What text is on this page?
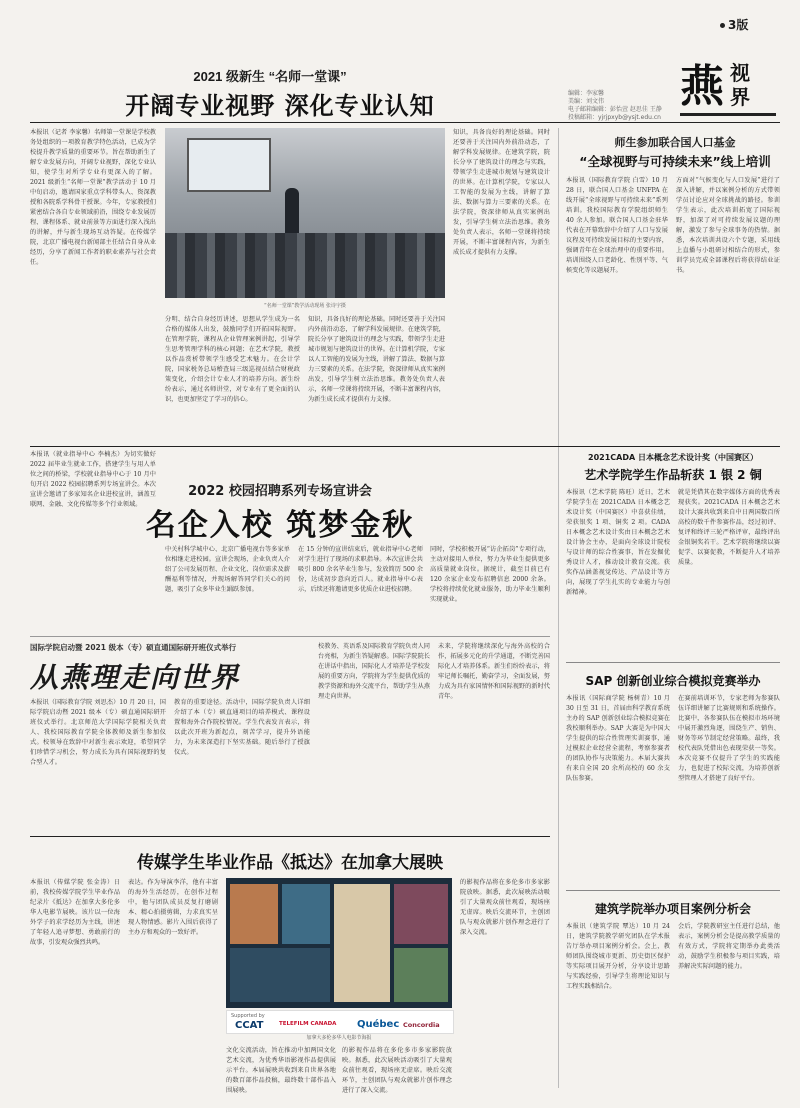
3版
编辑：李家馨
美编：刘文伟
电子邮箱编辑：彭怡萱 赵思佳 王静
投稿邮箱：yjrjpxyb@ysjt.edu.cn
燕 视
界
2021 级新生 “名师一堂课”
开阔专业视野 深化专业认知
本报讯（记者 李家馨）名师第一堂课是学校教务处组织的一项教育教学特色活动，已成为学校提升教学质量的重要环节。旨在帮助新生了解专业发展方向，开阔专业视野，深化专业认知，使学生对所学专业有更深入的了解。2021 级新生“名师一堂课”教学活动于 10 月中旬启动，邀请国家重点学科带头人、资深教授和各院系学科骨干授课。今年，专家教授们紧密结合各自专业领域前沿，围绕专业发展历程、课程体系、就业前景等方面进行深入浅出的讲解，并与新生现场互动答疑。在传媒学院，北京广播电视台新闻部主任结合自身从业经历，分享了新闻工作者的职业素养与社会责任。
“名师一堂课”教学活动现场 张诗宇摄
分明、结合自身经历讲述，思想从学生成为一名合格的媒体人出发，鼓励同学们开拓国际视野。在管理学院，课程从企业管理案例讲起，引导学生思考管理学科的核心问题；在艺术学院，教授以作品赏析带领学生感受艺术魅力。在会计学院，国家税务总局稽查局三级巡视员结合财税政策变化，介绍会计专业人才的培养方向。新生纷纷表示，通过名师讲堂，对专业有了更全面的认识，也更加坚定了学习的信心。
知识，具备良好的理论基础。同时还要善于关注国内外前沿动态，了解学科发展规律。在建筑学院，院长分享了建筑设计的理念与实践，带领学生走进城市规划与建筑设计的世界。在计算机学院，专家以人工智能的发展为主线，讲解了算法、数据与算力三要素的关系。在法学院，资深律师从真实案例出发，引导学生树立法治思维。教务处负责人表示，名师一堂课将持续开展，不断丰富课程内容，为新生成长成才提供有力支撑。
知识，具备良好的理论基础。同时还要善于关注国内外前沿动态，了解学科发展规律。在建筑学院，院长分享了建筑设计的理念与实践，带领学生走进城市规划与建筑设计的世界。在计算机学院，专家以人工智能的发展为主线，讲解了算法、数据与算力三要素的关系。在法学院，资深律师从真实案例出发，引导学生树立法治思维。教务处负责人表示，名师一堂课将持续开展，不断丰富课程内容，为新生成长成才提供有力支撑。
师生参加联合国人口基金
“全球视野与可持续未来”线上培训
本报讯（国际教育学院 白雪）10 月 28 日，联合国人口基金 UNFPA 在线开展“全球视野与可持续未来”系列培训。我校国际教育学院组织师生 40 余人参加。联合国人口基金驻华代表在开幕致辞中介绍了人口与发展议程及可持续发展目标的主要内容，强调青年在全球治理中的重要作用。培训围绕人口老龄化、性别平等、气候变化等议题展开。
方面对“气候变化与人口发展”进行了深入讲解，并以案例分析的方式带领学员讨论应对全球挑战的路径。参训学生表示，此次培训拓宽了国际视野，加深了对可持续发展议题的理解，激发了参与全球事务的热情。据悉，本次培训共设六个专题，采用线上直播与小组研讨相结合的形式，参训学员完成全部课程后将获得结业证书。
2021CADA 日本概念艺术设计奖（中国赛区）
艺术学院学生作品斩获 1 银 2 铜
本报讯（艺术学院 陈旺）近日，艺术学院学生在 2021CADA 日本概念艺术设计奖（中国赛区）中喜获佳绩，荣获银奖 1 项、铜奖 2 项。CADA 日本概念艺术设计奖由日本概念艺术设计协会主办，是面向全球设计院校与设计师的综合性赛事，旨在发掘优秀设计人才，推动设计教育交流。获奖作品涵盖视觉传达、产品设计等方向，展现了学生扎实的专业能力与创新精神。
就是凭借其在数字媒体方面的优秀表现获奖。2021CADA 日本概念艺术设计大赛共收到来自中日两国数百所高校的数千件参赛作品，经过初评、复评和终评三轮严格评审，最终评出金银铜奖若干。艺术学院将继续以赛促学、以赛促教，不断提升人才培养质量。
2022 校园招聘系列专场宣讲会
名企入校 筑梦金秋
本报讯（就业指导中心 李楠杰）为切实做好 2022 届毕业生就业工作，搭建学生与用人单位之间的桥梁，学校就业指导中心于 10 月中旬开启 2022 校园招聘系列专场宣讲会。本次宣讲会邀请了多家知名企业进校宣讲，涵盖互联网、金融、文化传媒等多个行业领域。
中关村科学城中心、北京广播电视台等多家单位相继走进校园。宣讲会现场，企业负责人介绍了公司发展历程、企业文化、岗位需求及薪酬福利等情况，并现场解答同学们关心的问题，吸引了众多毕业生踊跃参加。
在 15 分钟的宣讲结束后，就业指导中心老师对学生进行了现场的求职指导。本次宣讲会共吸引 800 余名毕业生参与，发放简历 500 余份，达成初步意向近百人。就业指导中心表示，后续还将邀请更多优质企业进校招聘。
同时，学校积极开展“访企拓岗”专项行动，主动对接用人单位，努力为毕业生提供更多高质量就业岗位。据统计，截至目前已有 120 余家企业发布招聘信息 2000 余条。学校将持续优化就业服务，助力毕业生顺利实现就业。
国际学院启动暨 2021 级本（专）硕直通国际研开班仪式举行
从燕理走向世界
本报讯（国际教育学院 刘思杰）10 月 20 日，国际学院启动暨 2021 级本（专）硕直通国际研开班仪式举行。北京师范大学国际学院相关负责人、我校国际教育学院全体教师及新生参加仪式。校领导在致辞中对新生表示欢迎，希望同学们珍惜学习机会，努力成长为具有国际视野的复合型人才。
教育的重要途径。活动中，国际学院负责人详细介绍了本（专）硕直通项目的培养模式、课程设置和海外合作院校情况。学生代表发言表示，将以此次开班为新起点，刻苦学习，提升外语能力，为未来深造打下坚实基础。随后举行了授旗仪式。
校教务、英语系及国际教育学院负责人同台亮相，为新生答疑解惑。国际学院院长在讲话中指出，国际化人才培养是学校发展的重要方向，学院将为学生提供优质的教学资源和海外交流平台，帮助学生从燕理走向世界。
未来，学院将继续深化与海外高校的合作，拓展多元化的升学通道，不断完善国际化人才培养体系。新生们纷纷表示，将牢记师长嘱托，勤奋学习，全面发展，努力成为具有家国情怀和国际视野的新时代青年。
SAP 创新创业综合模拟竞赛举办
本报讯（国际商学院 杨树青）10 月 30 日至 31 日，首届由科学教育系统主办的 SAP 创新创业综合模拟竞赛在我校顺利举办。SAP 大赛是为中国大学生提供的综合性管理实训赛事，通过模拟企业经营全流程，考察参赛者的团队协作与决策能力。本届大赛共有来自全国 20 余所高校的 60 余支队伍参赛。
在赛前培训环节，专家老师为参赛队伍详细讲解了比赛规则和系统操作。比赛中，各参赛队伍在模拟市场环境中展开激烈角逐，围绕生产、销售、财务等环节制定经营策略。最终，我校代表队凭借出色表现荣获一等奖。本次竞赛不仅提升了学生的实践能力，也促进了校际交流，为培养创新型管理人才搭建了良好平台。
传媒学生毕业作品《抵达》在加拿大展映
本报讯（传媒学院 张金涛）日前，我校传媒学院学生毕业作品纪录片《抵达》在加拿大多伦多华人电影节展映。该片以一位海外学子的求学经历为主线，讲述了年轻人追寻梦想、勇敢前行的故事，引发观众强烈共鸣。
表达。作为导演李洋，他有丰富的海外生活经历，在创作过程中，他与团队成员反复打磨剧本、精心拍摄剪辑，力求真实呈现人物情感。影片入围后获得了主办方和观众的一致好评。
Supported by
CCAT	TELEFILM CANADA Québec Concordia
加拿大多伦多华人电影节海报
文化交流活动，旨在推动中加两国文化艺术交流，为优秀华语影视作品提供展示平台。本届展映共收到来自世界各地的数百部作品投稿，最终数十部作品入围展映。
的影视作品将在多伦多市多家影院放映。据悉，此次展映活动吸引了大量观众前往观看，现场座无虚席。映后交流环节，主创团队与观众就影片创作理念进行了深入交流。
的影视作品将在多伦多市多家影院放映。据悉，此次展映活动吸引了大量观众前往观看，现场座无虚席。映后交流环节，主创团队与观众就影片创作理念进行了深入交流。
建筑学院举办项目案例分析会
本报讯（建筑学院 覃达）10 月 24 日，建筑学院教学研究团队在学术报告厅举办项目案例分析会。会上，教师团队围绕城市更新、历史街区保护等实际项目展开分析，分享设计思路与实践经验，引导学生将理论知识与工程实践相结合。
会后，学院教研室主任进行总结，他表示，案例分析会是提高教学质量的有效方式，学院将定期举办此类活动，鼓励学生积极参与项目实践，培养解决实际问题的能力。
